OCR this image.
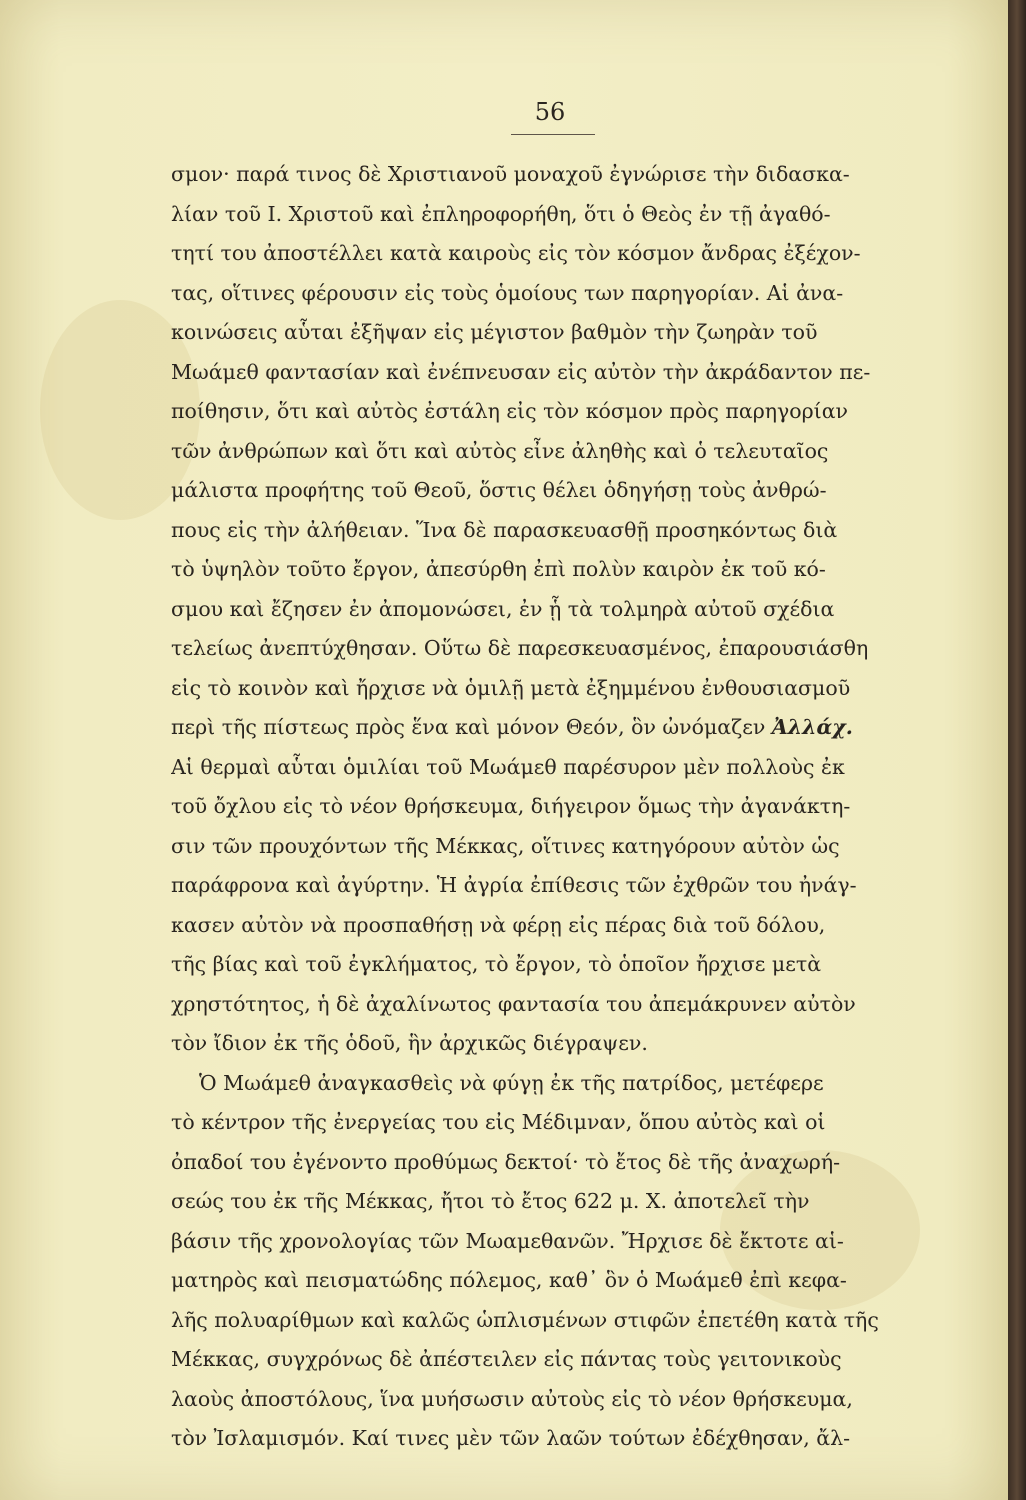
56
σμον· παρά τινος δὲ Χριστιανοῦ μοναχοῦ ἐγνώρισε τὴν διδασκα-
λίαν τοῦ Ι. Χριστοῦ καὶ ἐπληροφορήθη, ὅτι ὁ Θεὸς ἐν τῇ ἀγαθό-
τητί του ἀποστέλλει κατὰ καιροὺς εἰς τὸν κόσμον ἄνδρας ἐξέχον-
τας, οἵτινες φέρουσιν εἰς τοὺς ὁμοίους των παρηγορίαν. Αἱ ἀνα-
κοινώσεις αὗται ἐξῆψαν εἰς μέγιστον βαθμὸν τὴν ζωηρὰν τοῦ
Μωάμεθ φαντασίαν καὶ ἐνέπνευσαν εἰς αὐτὸν τὴν ἀκράδαντον πε-
ποίθησιν, ὅτι καὶ αὐτὸς ἐστάλη εἰς τὸν κόσμον πρὸς παρηγορίαν
τῶν ἀνθρώπων καὶ ὅτι καὶ αὐτὸς εἶνε ἀληθὴς καὶ ὁ τελευταῖος
μάλιστα προφήτης τοῦ Θεοῦ, ὅστις θέλει ὁδηγήσῃ τοὺς ἀνθρώ-
πους εἰς τὴν ἀλήθειαν. Ἵνα δὲ παρασκευασθῇ προσηκόντως διὰ
τὸ ὑψηλὸν τοῦτο ἔργον, ἀπεσύρθη ἐπὶ πολὺν καιρὸν ἐκ τοῦ κό-
σμου καὶ ἔζησεν ἐν ἀπομονώσει, ἐν ᾗ τὰ τολμηρὰ αὐτοῦ σχέδια
τελείως ἀνεπτύχθησαν. Οὕτω δὲ παρεσκευασμένος, ἐπαρουσιάσθη
εἰς τὸ κοινὸν καὶ ἤρχισε νὰ ὁμιλῇ μετὰ ἐξημμένου ἐνθουσιασμοῦ
περὶ τῆς πίστεως πρὸς ἕνα καὶ μόνον Θεόν, ὃν ὠνόμαζεν Ἀλλάχ.
Αἱ θερμαὶ αὗται ὁμιλίαι τοῦ Μωάμεθ παρέσυρον μὲν πολλοὺς ἐκ
τοῦ ὄχλου εἰς τὸ νέον θρήσκευμα, διήγειρον ὅμως τὴν ἀγανάκτη-
σιν τῶν προυχόντων τῆς Μέκκας, οἵτινες κατηγόρουν αὐτὸν ὡς
παράφρονα καὶ ἀγύρτην. Ἡ ἀγρία ἐπίθεσις τῶν ἐχθρῶν του ἠνάγ-
κασεν αὐτὸν νὰ προσπαθήσῃ νὰ φέρῃ εἰς πέρας διὰ τοῦ δόλου,
τῆς βίας καὶ τοῦ ἐγκλήματος, τὸ ἔργον, τὸ ὁποῖον ἤρχισε μετὰ
χρηστότητος, ἡ δὲ ἀχαλίνωτος φαντασία του ἀπεμάκρυνεν αὐτὸν
τὸν ἴδιον ἐκ τῆς ὁδοῦ, ἣν ἀρχικῶς διέγραψεν.
Ὁ Μωάμεθ ἀναγκασθεὶς νὰ φύγῃ ἐκ τῆς πατρίδος, μετέφερε
τὸ κέντρον τῆς ἐνεργείας του εἰς Μέδιμναν, ὅπου αὐτὸς καὶ οἱ
ὀπαδοί του ἐγένοντο προθύμως δεκτοί· τὸ ἔτος δὲ τῆς ἀναχωρή-
σεώς του ἐκ τῆς Μέκκας, ἤτοι τὸ ἔτος 622 μ. Χ. ἀποτελεῖ τὴν
βάσιν τῆς χρονολογίας τῶν Μωαμεθανῶν. Ἤρχισε δὲ ἔκτοτε αἱ-
ματηρὸς καὶ πεισματώδης πόλεμος, καθ᾽ ὃν ὁ Μωάμεθ ἐπὶ κεφα-
λῆς πολυαρίθμων καὶ καλῶς ὡπλισμένων στιφῶν ἐπετέθη κατὰ τῆς
Μέκκας, συγχρόνως δὲ ἀπέστειλεν εἰς πάντας τοὺς γειτονικοὺς
λαοὺς ἀποστόλους, ἵνα μυήσωσιν αὐτοὺς εἰς τὸ νέον θρήσκευμα,
τὸν Ἰσλαμισμόν. Καί τινες μὲν τῶν λαῶν τούτων ἐδέχθησαν, ἄλ-
